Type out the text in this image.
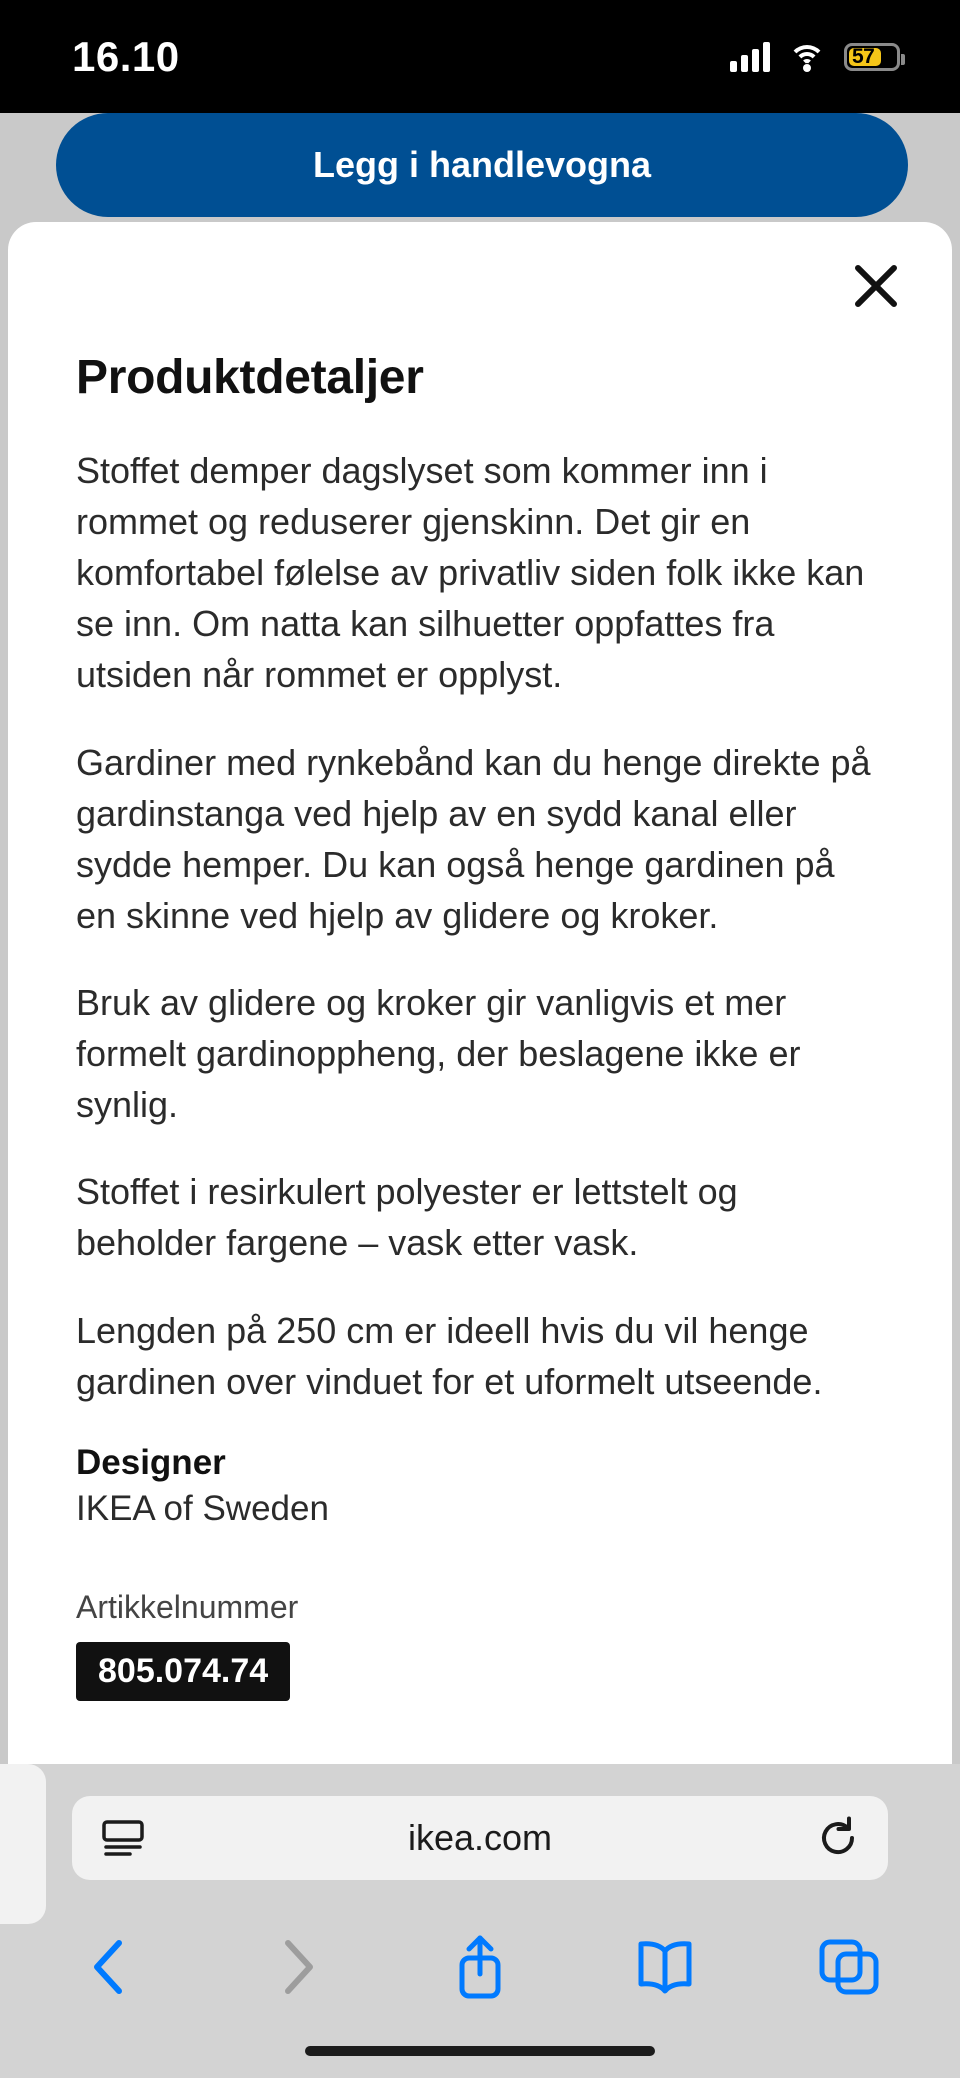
Legg i handlevogna
16.10	57
Produktdetaljer

Stoffet demper dagslyset som kommer inn i rommet og reduserer gjenskinn. Det gir en komfortabel følelse av privatliv siden folk ikke kan se inn. Om natta kan silhuetter oppfattes fra utsiden når rommet er opplyst.

Gardiner med rynkebånd kan du henge direkte på gardinstanga ved hjelp av en sydd kanal eller sydde hemper. Du kan også henge gardinen på en skinne ved hjelp av glidere og kroker.

Bruk av glidere og kroker gir vanligvis et mer formelt gardinoppheng, der beslagene ikke er synlig.

Stoffet i resirkulert polyester er lettstelt og beholder fargene – vask etter vask.

Lengden på 250 cm er ideell hvis du vil henge gardinen over vinduet for et uformelt utseende.

Designer
IKEA of Sweden
Artikkelnummer
805.074.74
ikea.com
